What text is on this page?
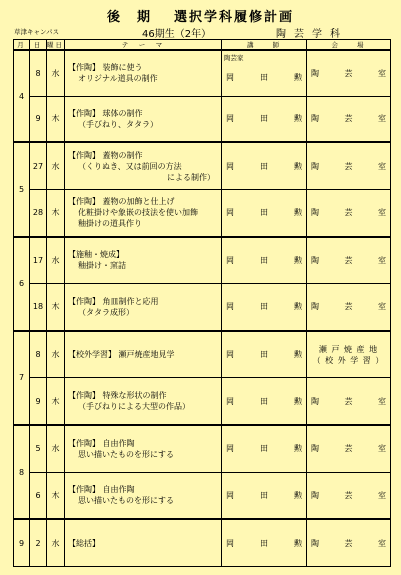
後　期 選択学科履修計画
草津キャンパス	46期生（2年）	陶芸学科
月	日	曜日	テ　ー　マ	講　　師	会　　場
4	8	水	【作陶】 装飾に使う
オリジナル道具の制作	陶芸家
岡 田 勲	陶 芸 室

	9	木	【作陶】 球体の制作
（手びねり、タタラ）	岡 田 勲	陶 芸 室

5	27	水	【作陶】 蓋物の制作
（くりぬき、又は前回の方法
による制作）	岡 田 勲	陶 芸 室

	28	木	【作陶】 蓋物の加飾と仕上げ
化粧掛けや象嵌の技法を使い加飾
釉掛けの道具作り	岡 田 勲	陶 芸 室

6	17	水	【施釉・焼成】
釉掛け・窯詰	岡 田 勲	陶 芸 室

	18	木	【作陶】 角皿制作と応用
（タタラ成形）	岡 田 勲	陶 芸 室

7	8	水	【校外学習】 瀬戸焼産地見学	岡 田 勲	瀬 戸 焼 産 地
（ 校 外 学 習 ）

	9	木	【作陶】 特殊な形状の制作
（手びねりによる大型の作品）	岡 田 勲	陶 芸 室

8	5	水	【作陶】 自由作陶
思い描いたものを形にする	岡 田 勲	陶 芸 室

	6	木	【作陶】 自由作陶
思い描いたものを形にする	岡 田 勲	陶 芸 室

9	2	水	【総括】	岡 田 勲	陶 芸 室
